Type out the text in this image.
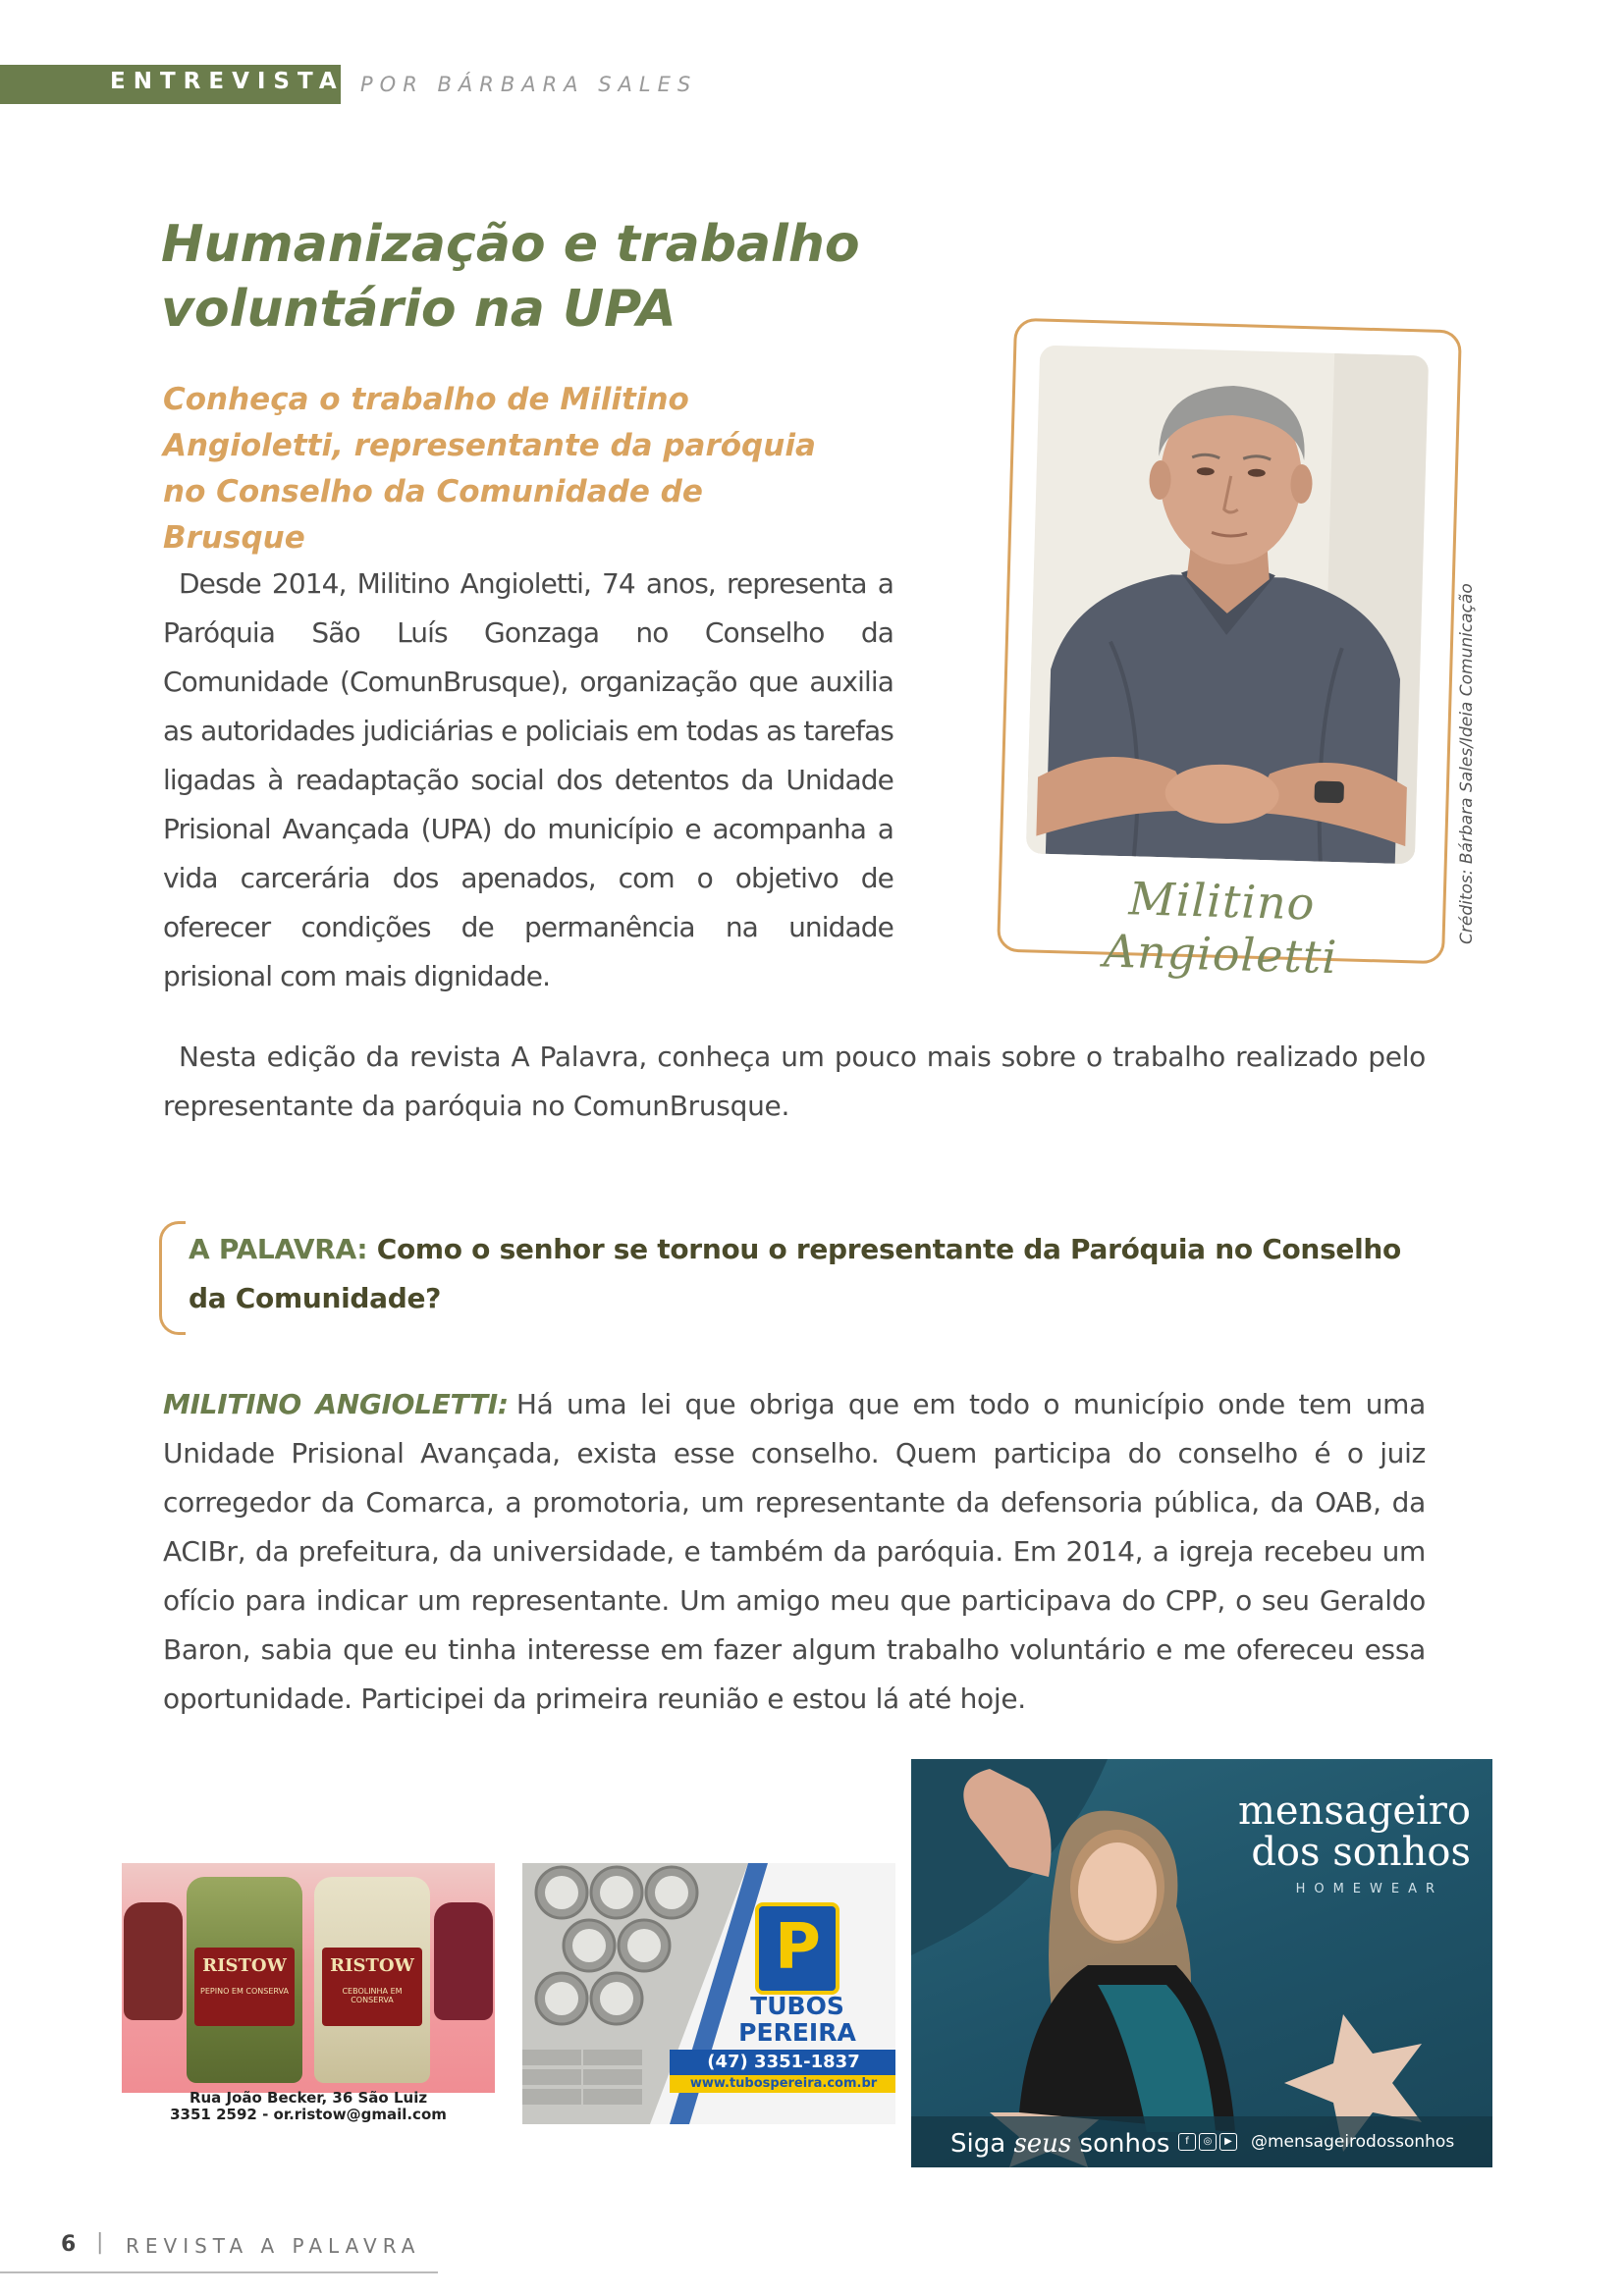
ENTREVISTA POR BÁRBARA SALES
Humanização e trabalho voluntário na UPA
Conheça o trabalho de Militino Angioletti, representante da paróquia no Conselho da Comunidade de Brusque

Desde 2014, Militino Angioletti, 74 anos, representa a Paróquia São Luís Gonzaga no Conselho da Comunidade (ComunBrusque), organização que auxilia as autoridades judiciárias e policiais em todas as tarefas ligadas à readaptação social dos detentos da Unidade Prisional Avançada (UPA) do município e acompanha a vida carcerária dos apenados, com o objetivo de oferecer condições de permanência na unidade prisional com mais dignidade.

Militino Angioletti
Créditos: Bárbara Sales/Ideia Comunicação

Nesta edição da revista A Palavra, conheça um pouco mais sobre o trabalho realizado pelo representante da paróquia no ComunBrusque.

A PALAVRA: Como o senhor se tornou o representante da Paróquia no Conselho da Comunidade?

MILITINO ANGIOLETTI: Há uma lei que obriga que em todo o município onde tem uma Unidade Prisional Avançada, exista esse conselho. Quem participa do conselho é o juiz corregedor da Comarca, a promotoria, um representante da defensoria pública, da OAB, da ACIBr, da prefeitura, da universidade, e também da paróquia. Em 2014, a igreja recebeu um ofício para indicar um representante. Um amigo meu que participava do CPP, o seu Geraldo Baron, sabia que eu tinha interesse em fazer algum trabalho voluntário e me ofereceu essa oportunidade. Participei da primeira reunião e estou lá até hoje.

RISTOW
PEPINO EM CONSERVA
RISTOW
CEBOLINHA EM CONSERVA
Rua João Becker, 36 São Luiz
3351 2592 - or.ristow@gmail.com
P
TUBOS
PEREIRA
(47) 3351-1837
www.tubospereira.com.br
mensageiro
dos sonhos
HOMEWEAR
Siga seus sonhos	f ◎ ▶	@mensageirodossonhos
6 | REVISTA A PALAVRA
